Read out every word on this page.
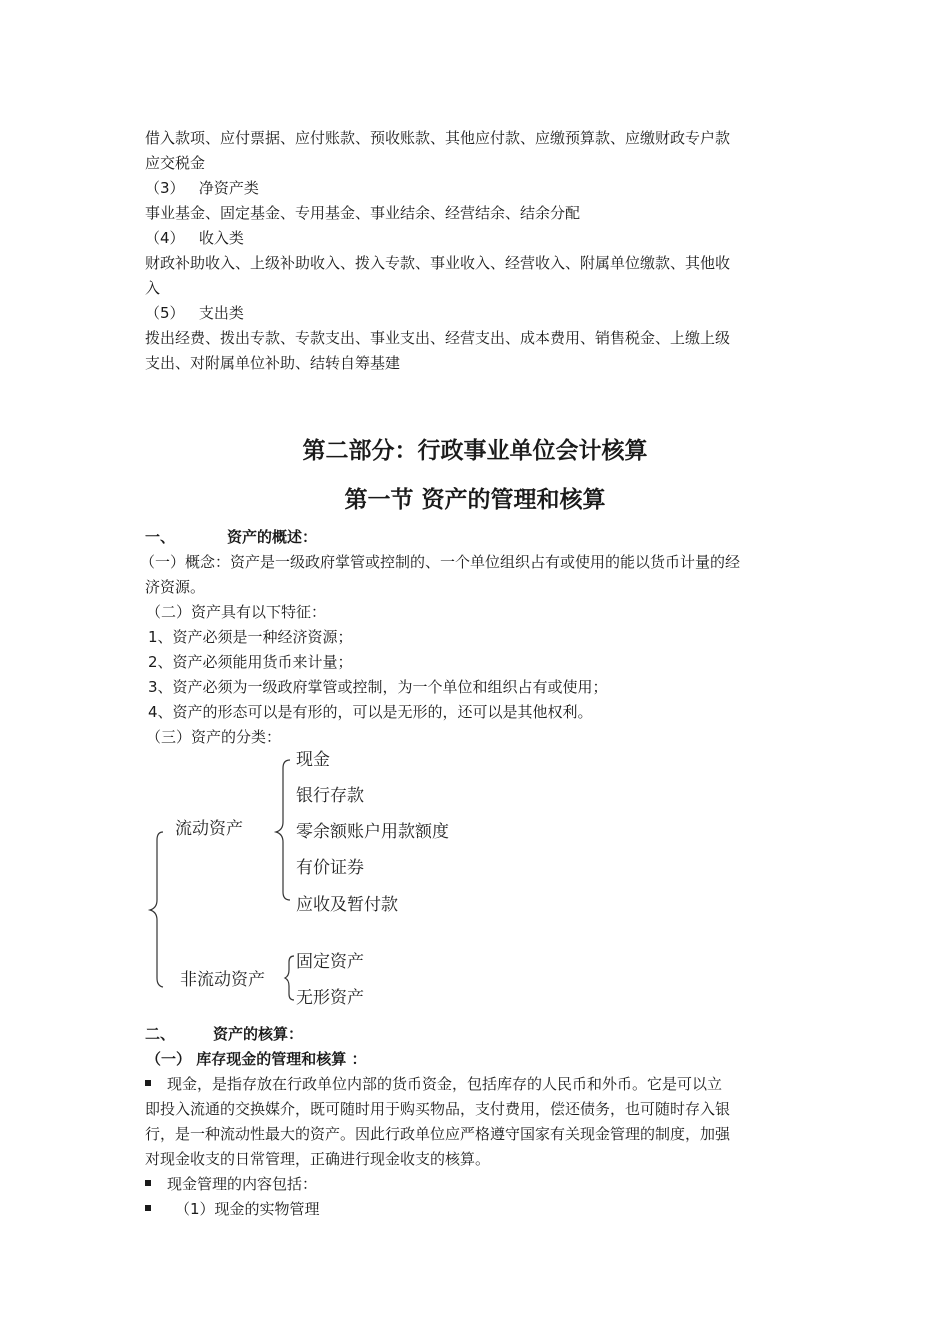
借入款项、应付票据、应付账款、预收账款、其他应付款、应缴预算款、应缴财政专户款
应交税金
（3） 净资产类
事业基金、固定基金、专用基金、事业结余、经营结余、结余分配
（4） 收入类
财政补助收入、上级补助收入、拨入专款、事业收入、经营收入、附属单位缴款、其他收
入
（5） 支出类
拨出经费、拨出专款、专款支出、事业支出、经营支出、成本费用、销售税金、上缴上级
支出、对附属单位补助、结转自筹基建
第二部分：行政事业单位会计核算
第一节 资产的管理和核算
一、	资产的概述：
（一）概念：资产是一级政府掌管或控制的、一个单位组织占有或使用的能以货币计量的经
济资源。
（二）资产具有以下特征：
1、资产必须是一种经济资源；
2、资产必须能用货币来计量；
3、资产必须为一级政府掌管或控制，为一个单位和组织占有或使用；
4、资产的形态可以是有形的，可以是无形的，还可以是其他权利。
（三）资产的分类：
流动资产
现金
银行存款
零余额账户用款额度
有价证券
应收及暂付款
非流动资产
固定资产
无形资产
二、	资产的核算：
（一） 库存现金的管理和核算 ：
现金，是指存放在行政单位内部的货币资金，包括库存的人民币和外币。它是可以立
即投入流通的交换媒介，既可随时用于购买物品，支付费用，偿还债务，也可随时存入银
行，是一种流动性最大的资产。因此行政单位应严格遵守国家有关现金管理的制度，加强
对现金收支的日常管理，正确进行现金收支的核算。
现金管理的内容包括：
（1）现金的实物管理
